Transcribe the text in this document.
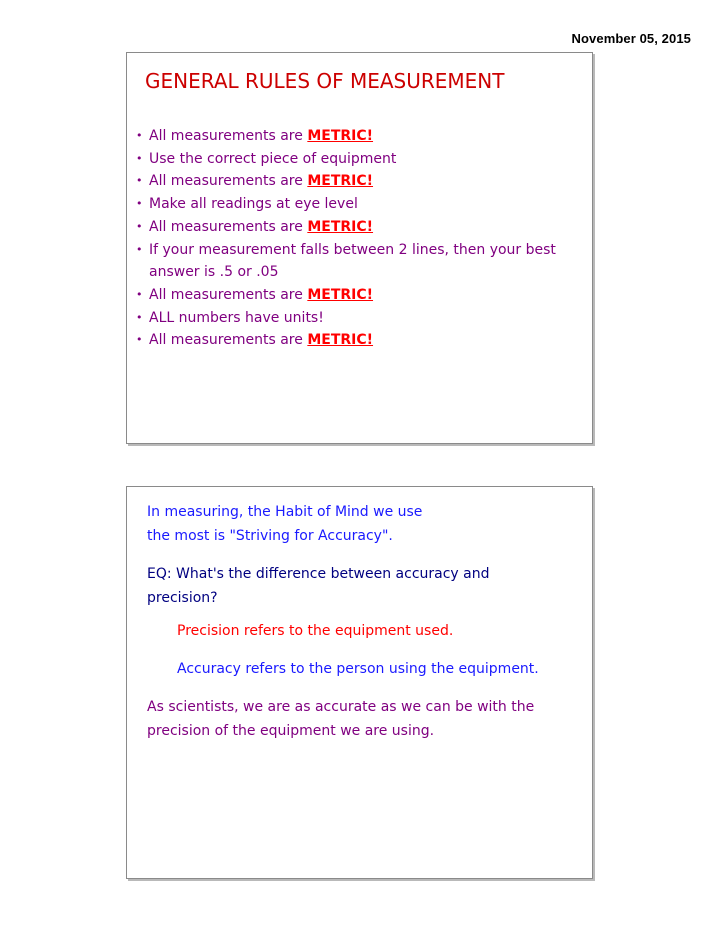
November 05, 2015
GENERAL RULES OF MEASUREMENT
• All measurements are METRIC!
• Use the correct piece of equipment
• All measurements are METRIC!
• Make all readings at eye level
• All measurements are METRIC!
• If your measurement falls between 2 lines, then your best answer is .5 or .05
• All measurements are METRIC!
• ALL numbers have units!
• All measurements are METRIC!
In measuring, the Habit of Mind we use
the most is "Striving for Accuracy".
EQ: What's the difference between accuracy and
precision?
Precision refers to the equipment used.
Accuracy refers to the person using the equipment.
As scientists, we are as accurate as we can be with the
precision of the equipment we are using.
